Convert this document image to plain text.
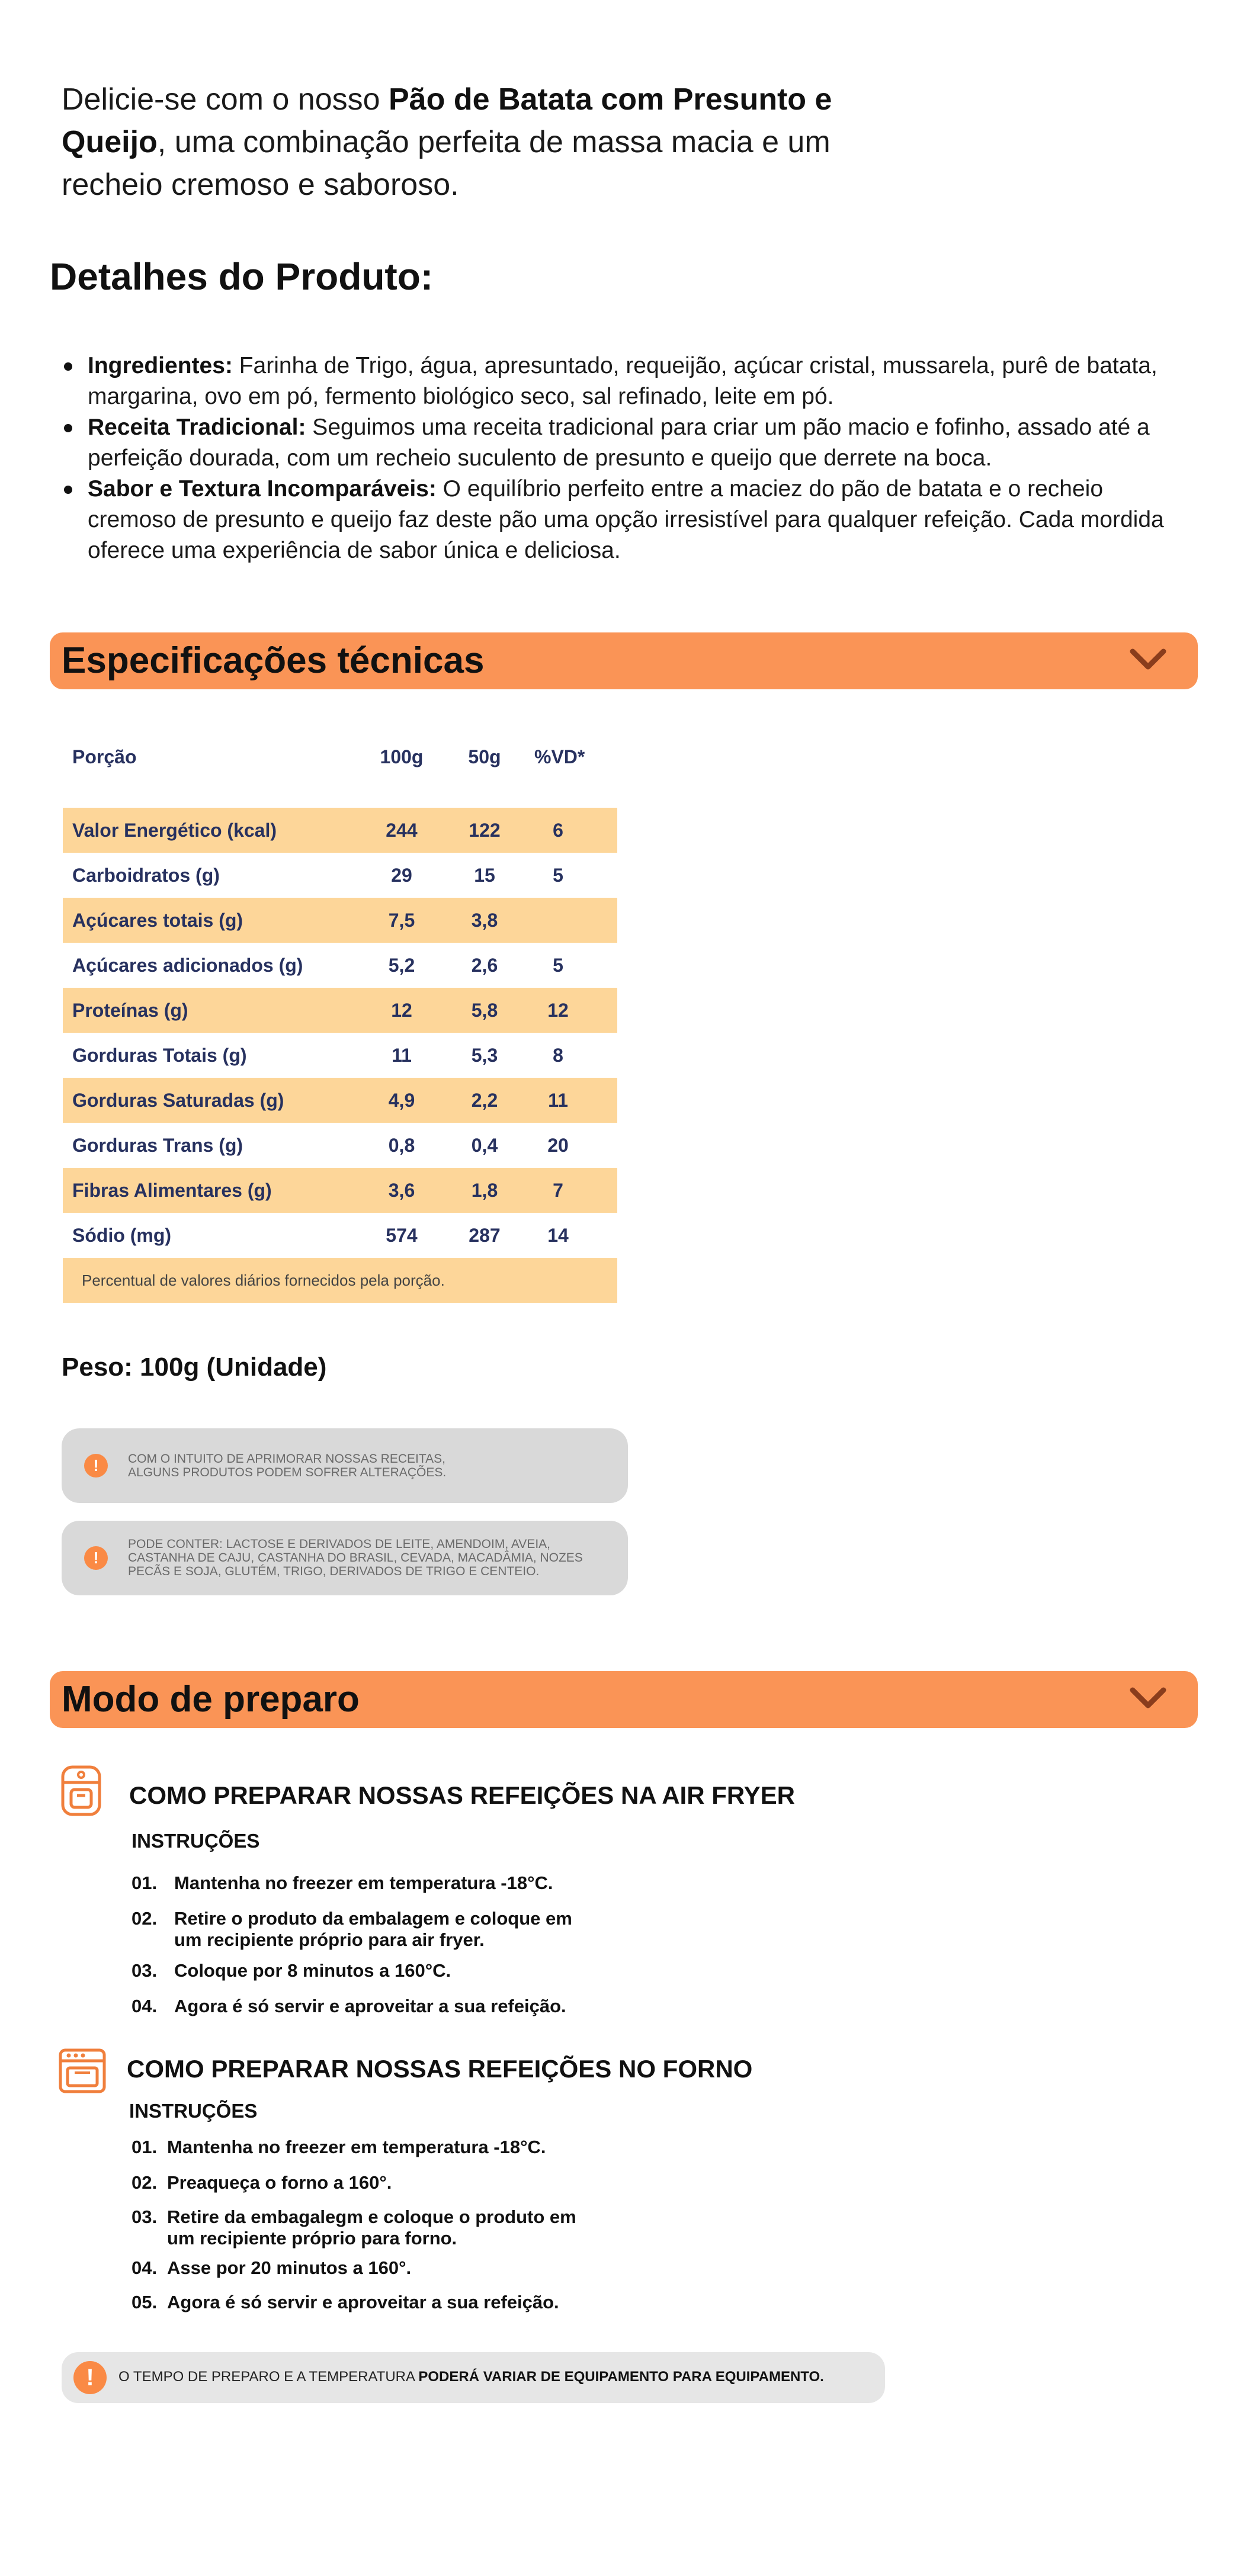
Delicie-se com o nosso Pão de Batata com Presunto e Queijo, uma combinação perfeita de massa macia e um recheio cremoso e saboroso.

Detalhes do Produto:
Ingredientes: Farinha de Trigo, água, apresuntado, requeijão, açúcar cristal, mussarela, purê de batata, margarina, ovo em pó, fermento biológico seco, sal refinado, leite em pó.
Receita Tradicional: Seguimos uma receita tradicional para criar um pão macio e fofinho, assado até a perfeição dourada, com um recheio suculento de presunto e queijo que derrete na boca.
Sabor e Textura Incomparáveis: O equilíbrio perfeito entre a maciez do pão de batata e o recheio cremoso de presunto e queijo faz deste pão uma opção irresistível para qualquer refeição. Cada mordida oferece uma experiência de sabor única e deliciosa.
Especificações técnicas
Porção	100g	50g	%VD*
Valor Energético (kcal)	244	122	6
Carboidratos (g)	29	15	5
Açúcares totais (g)	7,5	3,8
Açúcares adicionados (g)	5,2	2,6	5
Proteínas (g)	12	5,8	12
Gorduras Totais (g)	11	5,3	8
Gorduras Saturadas (g)	4,9	2,2	11
Gorduras Trans (g)	0,8	0,4	20
Fibras Alimentares (g)	3,6	1,8	7
Sódio (mg)	574	287	14
Percentual de valores diários fornecidos pela porção.
Peso: 100g (Unidade)
!	COM O INTUITO DE APRIMORAR NOSSAS RECEITAS,
ALGUNS PRODUTOS PODEM SOFRER ALTERAÇÕES.
!
PODE CONTER: LACTOSE E DERIVADOS DE LEITE, AMENDOIM, AVEIA,
CASTANHA DE CAJU, CASTANHA DO BRASIL, CEVADA, MACADÂMIA, NOZES
PECÃS E SOJA, GLUTÉM, TRIGO, DERIVADOS DE TRIGO E CENTEIO.
Modo de preparo
COMO PREPARAR NOSSAS REFEIÇÕES NA AIR FRYER
INSTRUÇÕES
01. Mantenha no freezer em temperatura -18°C.
02. Retire o produto da embalagem e coloque em
um recipiente próprio para air fryer.
03. Coloque por 8 minutos a 160°C.
04. Agora é só servir e aproveitar a sua refeição.
COMO PREPARAR NOSSAS REFEIÇÕES NO FORNO
INSTRUÇÕES
01. Mantenha no freezer em temperatura -18°C.
02. Preaqueça o forno a 160°.
03. Retire da embagalegm e coloque o produto em
um recipiente próprio para forno.
04. Asse por 20 minutos a 160°.
05. Agora é só servir e aproveitar a sua refeição.
!	O TEMPO DE PREPARO E A TEMPERATURA PODERÁ VARIAR DE EQUIPAMENTO PARA EQUIPAMENTO.
